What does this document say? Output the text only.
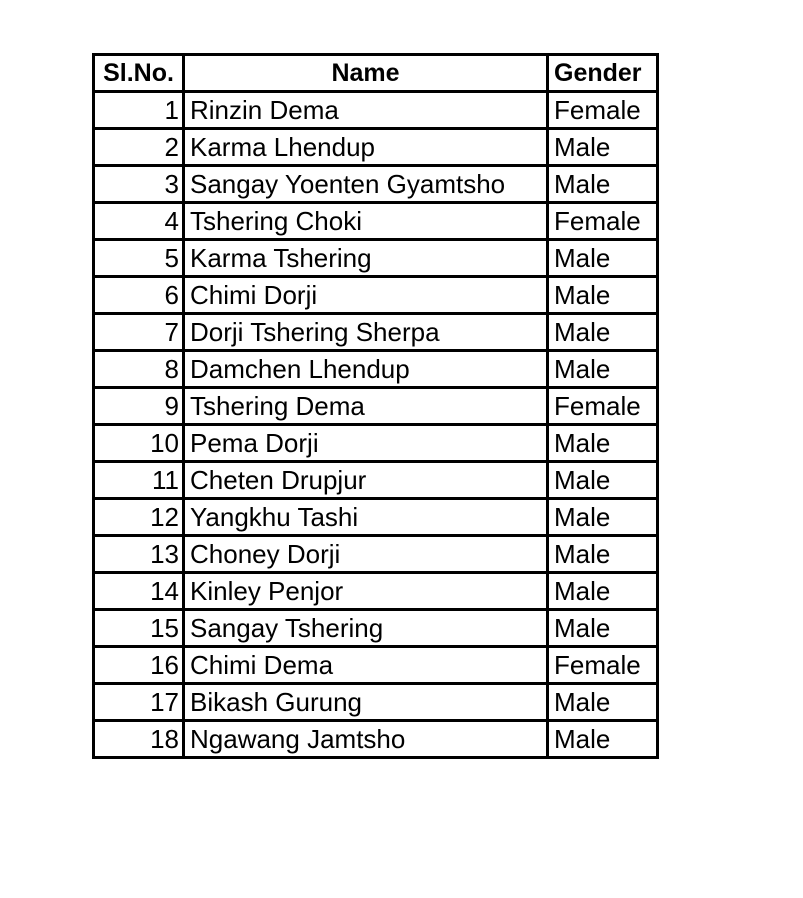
Sl.No.	Name	Gender
1	Rinzin Dema	Female
2	Karma Lhendup	Male
3	Sangay Yoenten Gyamtsho	Male
4	Tshering Choki	Female
5	Karma Tshering	Male
6	Chimi Dorji	Male
7	Dorji Tshering Sherpa	Male
8	Damchen Lhendup	Male
9	Tshering Dema	Female
10	Pema Dorji	Male
11	Cheten Drupjur	Male
12	Yangkhu Tashi	Male
13	Choney Dorji	Male
14	Kinley Penjor	Male
15	Sangay Tshering	Male
16	Chimi Dema	Female
17	Bikash Gurung	Male
18	Ngawang Jamtsho	Male
